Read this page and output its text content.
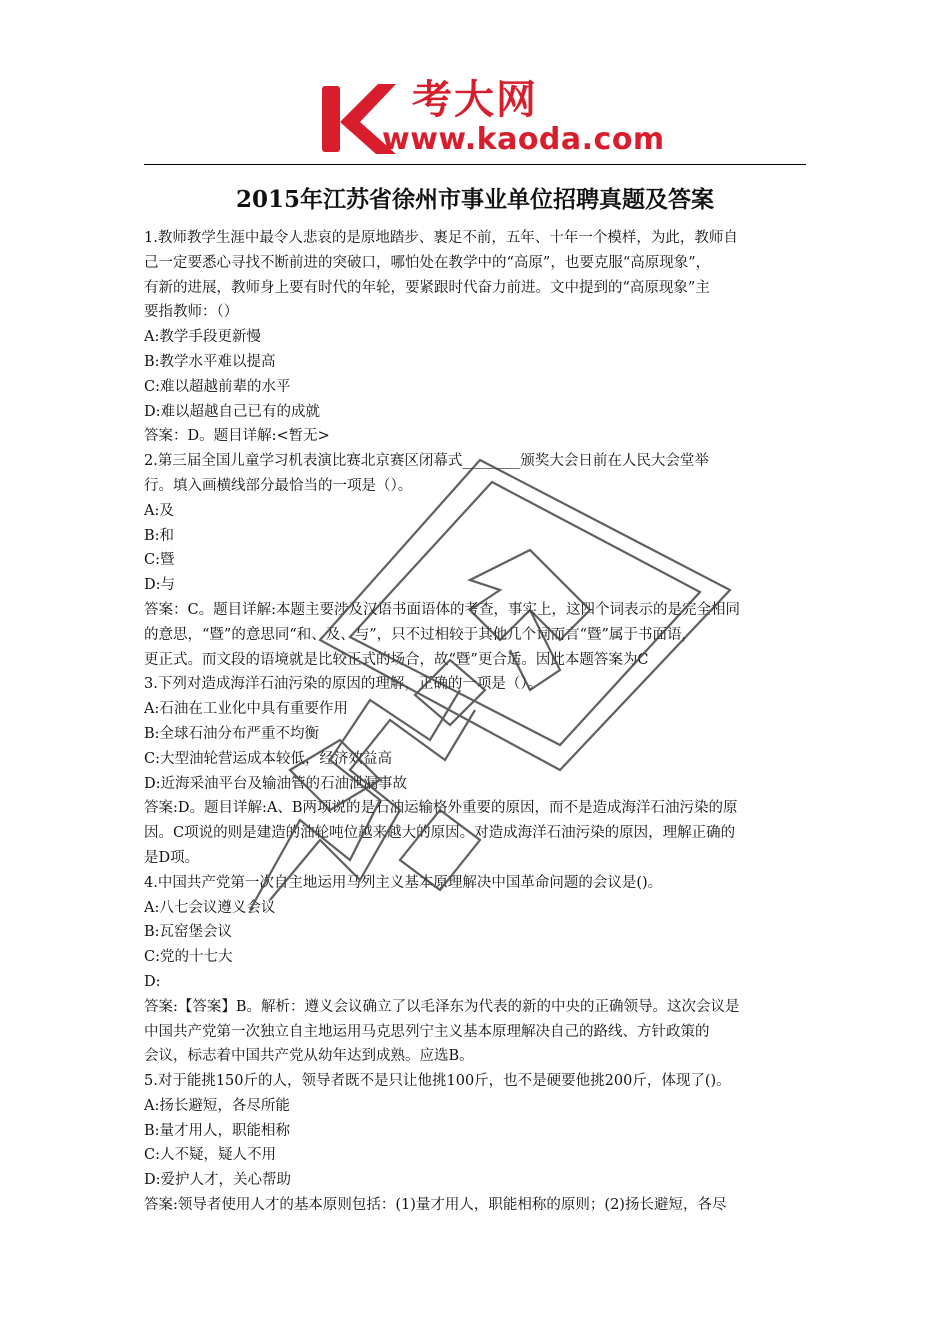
考大网
www.kaoda.com
2015年江苏省徐州市事业单位招聘真题及答案

1.教师教学生涯中最令人悲哀的是原地踏步、裹足不前，五年、十年一个模样，为此，教师自

己一定要悉心寻找不断前进的突破口，哪怕处在教学中的“高原”，也要克服“高原现象”，

有新的进展，教师身上要有时代的年轮，要紧跟时代奋力前进。文中提到的“高原现象”主

要指教师：（）

A:教学手段更新慢

B:教学水平难以提高

C:难以超越前辈的水平

D:难以超越自己已有的成就

答案：D。题目详解:<暂无>

2.第三届全国儿童学习机表演比赛北京赛区闭幕式________颁奖大会日前在人民大会堂举

行。填入画横线部分最恰当的一项是（）。

A:及

B:和

C:暨

D:与

答案：C。题目详解:本题主要涉及汉语书面语体的考查，事实上，这四个词表示的是完全相同

的意思，“暨”的意思同“和、及、与”，只不过相较于其他几个词而言“暨”属于书面语，

更正式。而文段的语境就是比较正式的场合，故“暨”更合适。因此本题答案为C

3.下列对造成海洋石油污染的原因的理解，正确的一项是（）。

A:石油在工业化中具有重要作用

B:全球石油分布严重不均衡

C:大型油轮营运成本较低，经济效益高

D:近海采油平台及输油管的石油泄漏事故

答案:D。题目详解:A、B两项说的是石油运输格外重要的原因，而不是造成海洋石油污染的原

因。C项说的则是建造的油轮吨位越来越大的原因。对造成海洋石油污染的原因，理解正确的

是D项。

4.中国共产党第一次自主地运用马列主义基本原理解决中国革命问题的会议是()。

A:八七会议遵义会议

B:瓦窑堡会议

C:党的十七大

D:

答案:【答案】B。解析：遵义会议确立了以毛泽东为代表的新的中央的正确领导。这次会议是

中国共产党第一次独立自主地运用马克思列宁主义基本原理解决自己的路线、方针政策的

会议，标志着中国共产党从幼年达到成熟。应选B。

5.对于能挑150斤的人，领导者既不是只让他挑100斤，也不是硬要他挑200斤，体现了()。

A:扬长避短，各尽所能

B:量才用人，职能相称

C:人不疑，疑人不用

D:爱护人才，关心帮助

答案:领导者使用人才的基本原则包括：(1)量才用人，职能相称的原则；(2)扬长避短，各尽
